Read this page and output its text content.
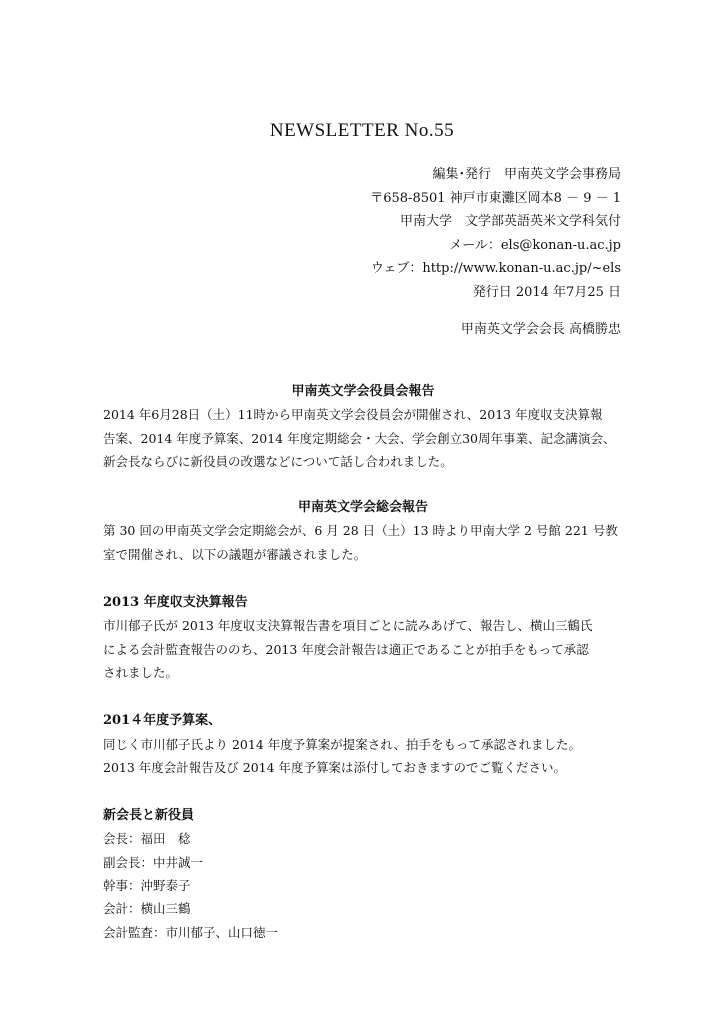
NEWSLETTER No.55
編集･発行　甲南英文学会事務局
〒658-8501 神戸市東灘区岡本8 － 9 － 1
甲南大学　文学部英語英米文学科気付
メール：els@konan-u.ac.jp
ウェブ：http://www.konan-u.ac.jp/~els
発行日 2014 年7月25 日
甲南英文学会会長 高橋勝忠
甲南英文学会役員会報告
2014 年6月28日（土）11時から甲南英文学会役員会が開催され、2013 年度収支決算報
告案、2014 年度予算案、2014 年度定期総会・大会、学会創立30周年事業、記念講演会、
新会長ならびに新役員の改選などについて話し合われました。
甲南英文学会総会報告
第 30 回の甲南英文学会定期総会が、6 月 28 日（土）13 時より甲南大学 2 号館 221 号教
室で開催され、以下の議題が審議されました。
2013 年度収支決算報告
市川郁子氏が 2013 年度収支決算報告書を項目ごとに読みあげて、報告し、横山三鶴氏
による会計監査報告ののち、2013 年度会計報告は適正であることが拍手をもって承認
されました。
201４年度予算案、
同じく市川郁子氏より 2014 年度予算案が提案され、拍手をもって承認されました。
2013 年度会計報告及び 2014 年度予算案は添付しておきますのでご覧ください。
新会長と新役員
会長：福田　稔
副会長：中井誠一
幹事：沖野泰子
会計：横山三鶴
会計監査：市川郁子、山口徳一
